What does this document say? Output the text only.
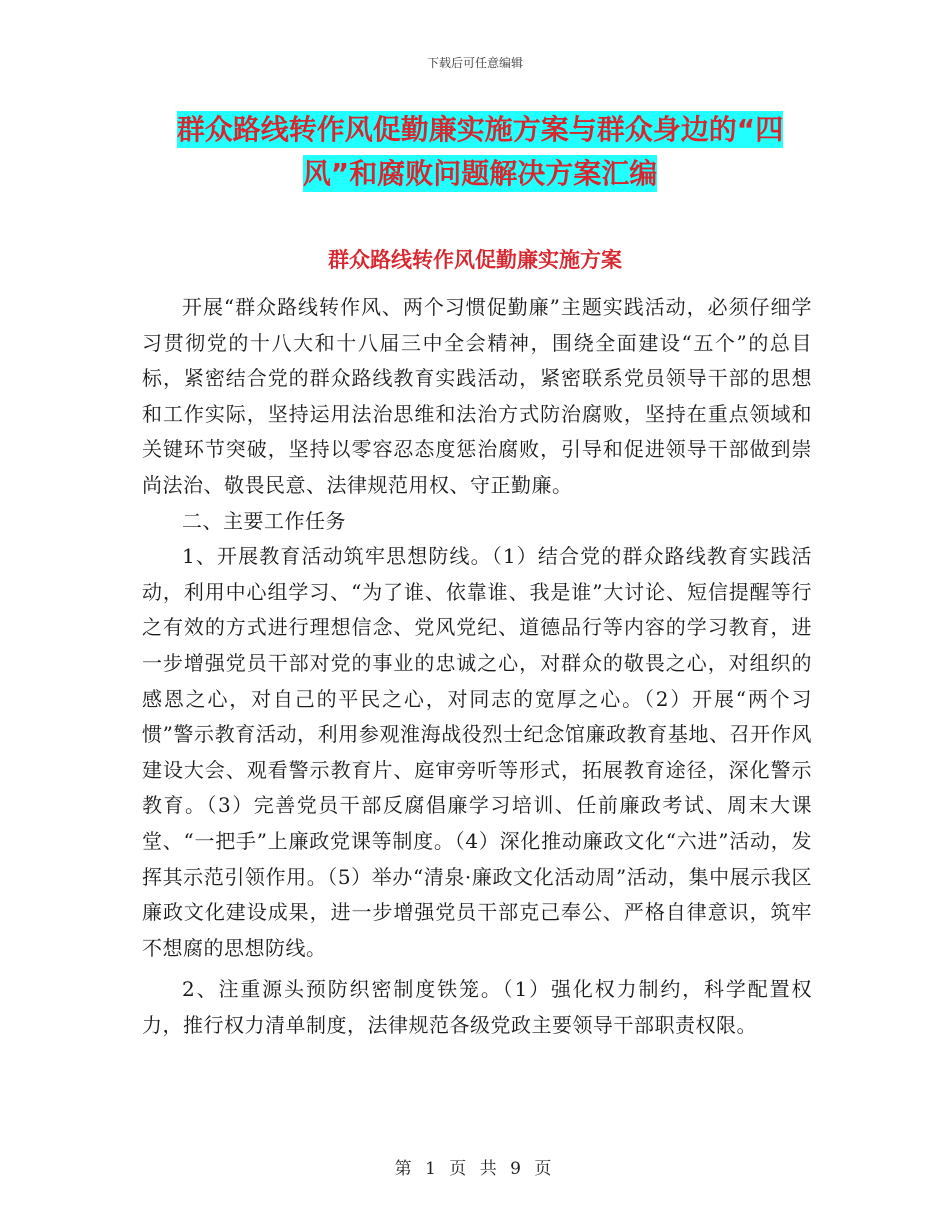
下载后可任意编辑
群众路线转作风促勤廉实施方案与群众身边的“四
风”和腐败问题解决方案汇编
群众路线转作风促勤廉实施方案

开展“群众路线转作风、两个习惯促勤廉”主题实践活动，必须仔细学习贯彻党的十八大和十八届三中全会精神，围绕全面建设“五个”的总目标，紧密结合党的群众路线教育实践活动，紧密联系党员领导干部的思想和工作实际，坚持运用法治思维和法治方式防治腐败，坚持在重点领域和关键环节突破，坚持以零容忍态度惩治腐败，引导和促进领导干部做到崇尚法治、敬畏民意、法律规范用权、守正勤廉。

二、主要工作任务

1、开展教育活动筑牢思想防线。（1）结合党的群众路线教育实践活动，利用中心组学习、“为了谁、依靠谁、我是谁”大讨论、短信提醒等行之有效的方式进行理想信念、党风党纪、道德品行等内容的学习教育，进一步增强党员干部对党的事业的忠诚之心，对群众的敬畏之心，对组织的感恩之心，对自己的平民之心，对同志的宽厚之心。（2）开展“两个习惯”警示教育活动，利用参观淮海战役烈士纪念馆廉政教育基地、召开作风建设大会、观看警示教育片、庭审旁听等形式，拓展教育途径，深化警示教育。（3）完善党员干部反腐倡廉学习培训、任前廉政考试、周末大课堂、“一把手”上廉政党课等制度。（4）深化推动廉政文化“六进”活动，发挥其示范引领作用。（5）举办“清泉·廉政文化活动周”活动，集中展示我区廉政文化建设成果，进一步增强党员干部克己奉公、严格自律意识，筑牢不想腐的思想防线。

2、注重源头预防织密制度铁笼。（1）强化权力制约，科学配置权力，推行权力清单制度，法律规范各级党政主要领导干部职责权限。

第 1 页 共 9 页
